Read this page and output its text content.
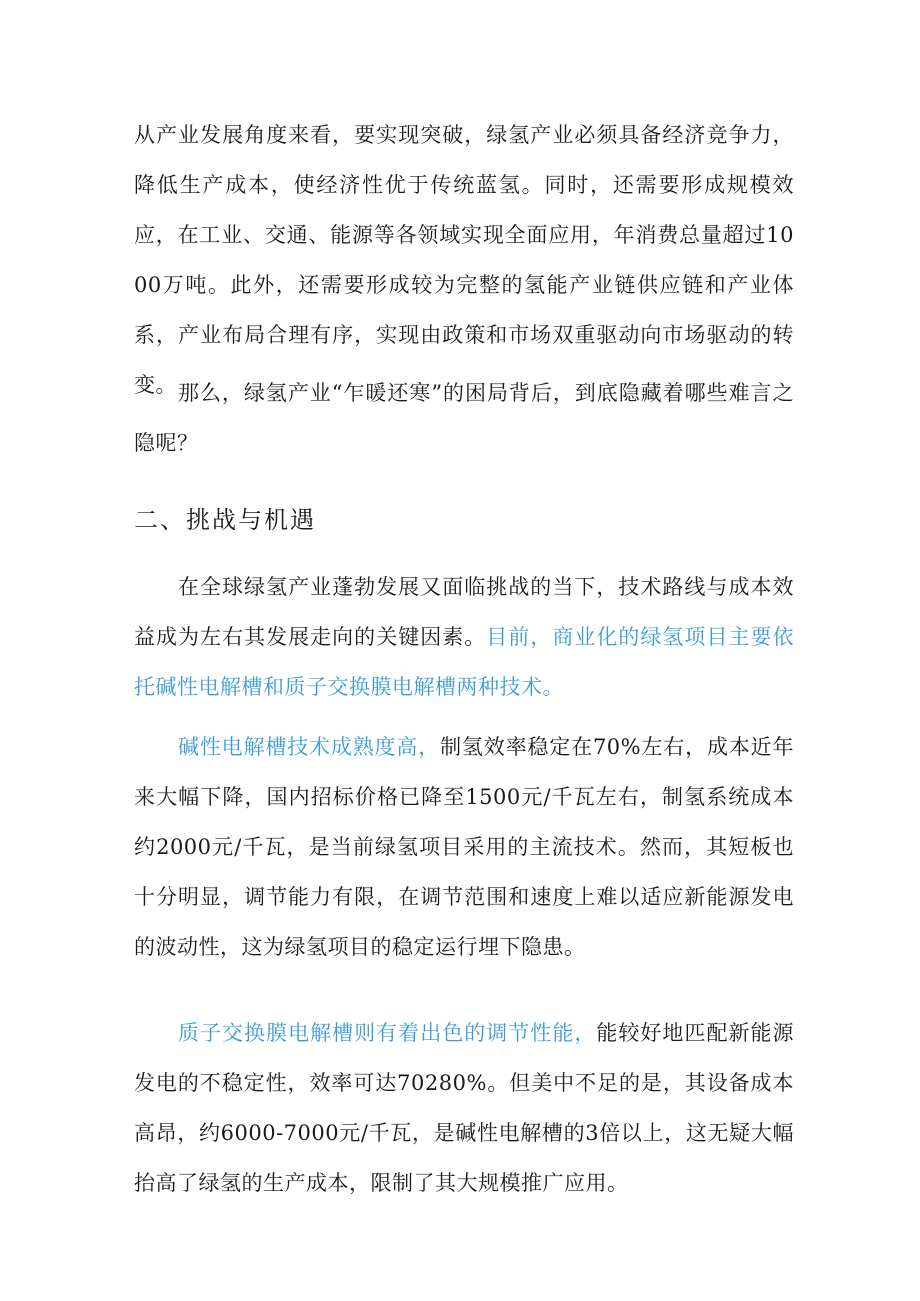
从产业发展角度来看，要实现突破，绿氢产业必须具备经济竞争力，降低生产成本，使经济性优于传统蓝氢。同时，还需要形成规模效应，在工业、交通、能源等各领域实现全面应用，年消费总量超过1000万吨。此外，还需要形成较为完整的氢能产业链供应链和产业体系，产业布局合理有序，实现由政策和市场双重驱动向市场驱动的转变。 那么，绿氢产业“乍暖还寒”的困局背后，到底隐藏着哪些难言之隐呢？

二、挑战与机遇

在全球绿氢产业蓬勃发展又面临挑战的当下，技术路线与成本效益成为左右其发展走向的关键因素。目前，商业化的绿氢项目主要依托碱性电解槽和质子交换膜电解槽两种技术。

碱性电解槽技术成熟度高，制氢效率稳定在70%左右，成本近年来大幅下降，国内招标价格已降至1500元/千瓦左右，制氢系统成本约2000元/千瓦，是当前绿氢项目采用的主流技术。然而，其短板也十分明显，调节能力有限，在调节范围和速度上难以适应新能源发电的波动性，这为绿氢项目的稳定运行埋下隐患。

质子交换膜电解槽则有着出色的调节性能，能较好地匹配新能源发电的不稳定性，效率可达70280%。但美中不足的是，其设备成本高昂，约6000-7000元/千瓦，是碱性电解槽的3倍以上，这无疑大幅抬高了绿氢的生产成本，限制了其大规模推广应用。
